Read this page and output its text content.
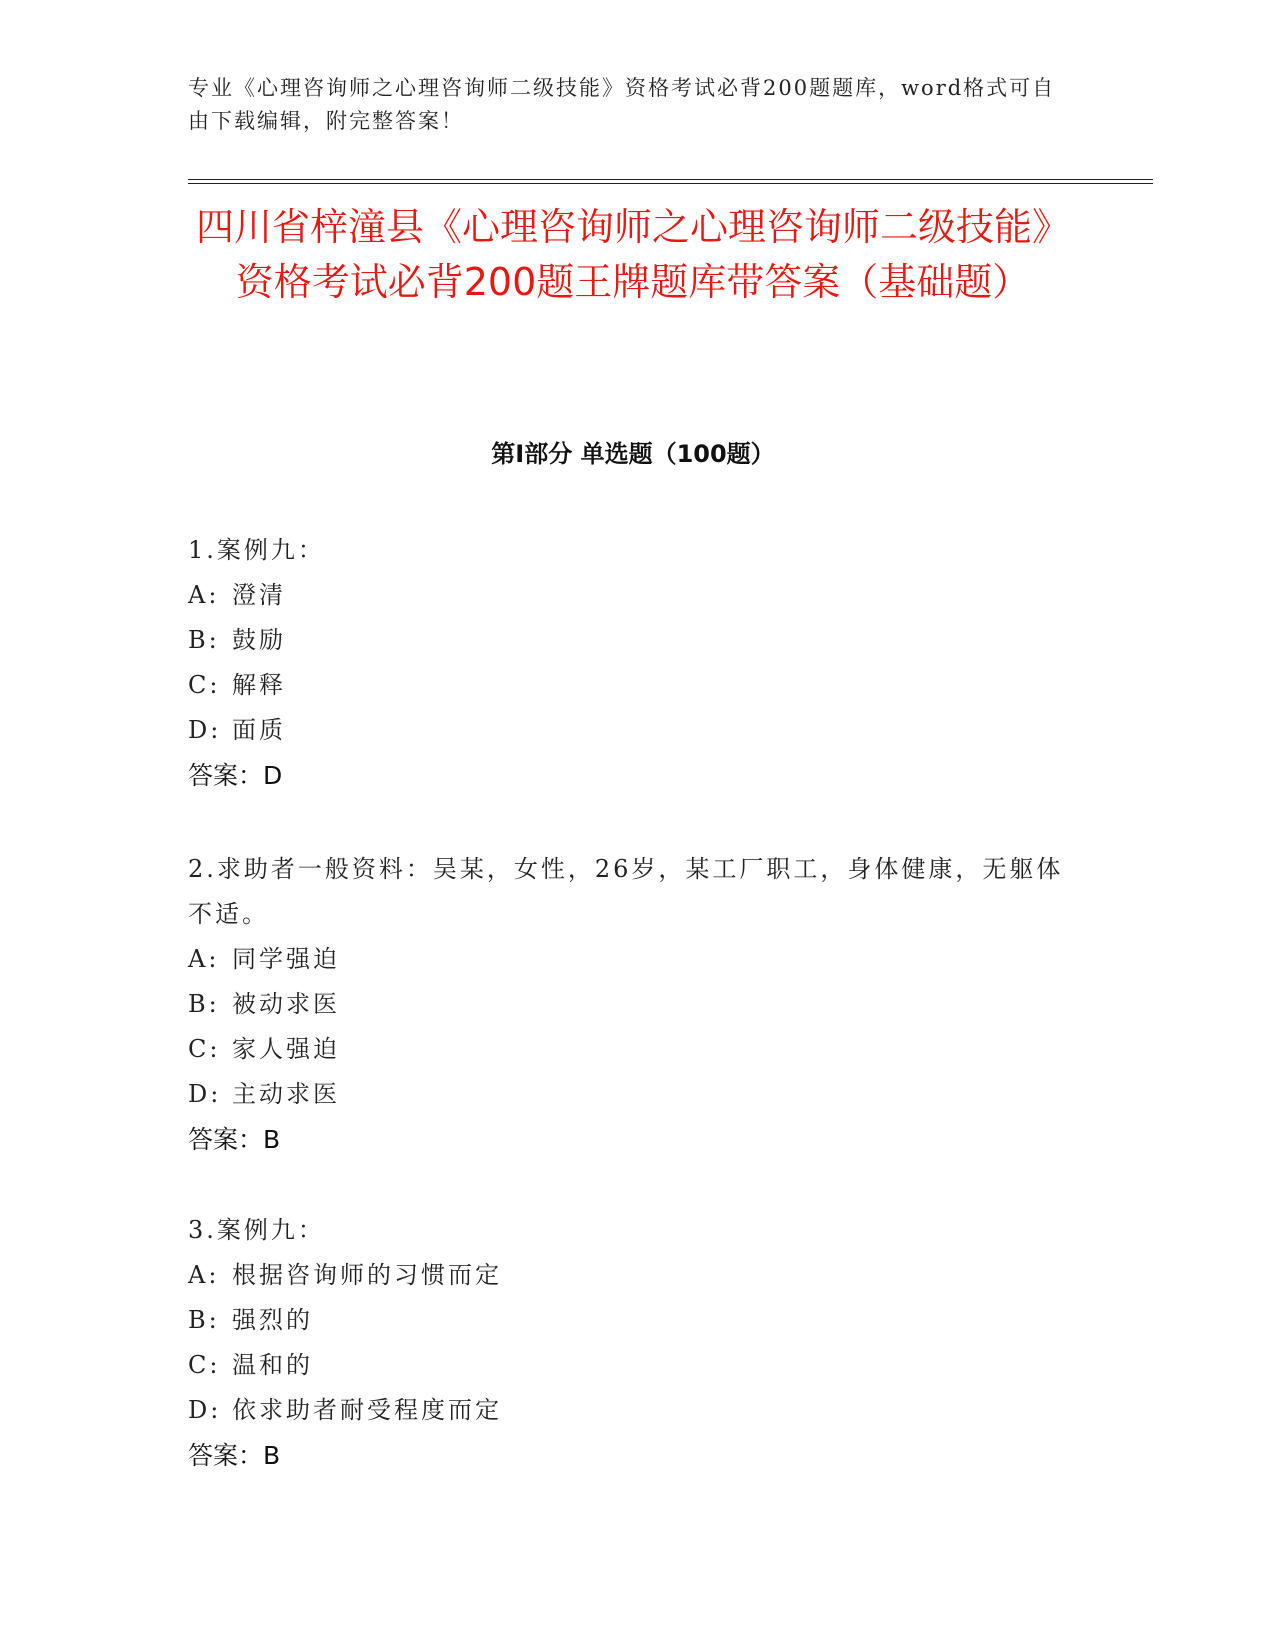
专业《心理咨询师之心理咨询师二级技能》资格考试必背200题题库，word格式可自由下载编辑，附完整答案！
四川省梓潼县《心理咨询师之心理咨询师二级技能》资格考试必背200题王牌题库带答案（基础题）
第I部分 单选题（100题）
1.案例九：
A: 澄清
B: 鼓励
C: 解释
D: 面质
答案：D
2.求助者一般资料：吴某，女性，26岁，某工厂职工，身体健康，无躯体不适。
A: 同学强迫
B: 被动求医
C: 家人强迫
D: 主动求医
答案：B
3.案例九：
A: 根据咨询师的习惯而定
B: 强烈的
C: 温和的
D: 依求助者耐受程度而定
答案：B
